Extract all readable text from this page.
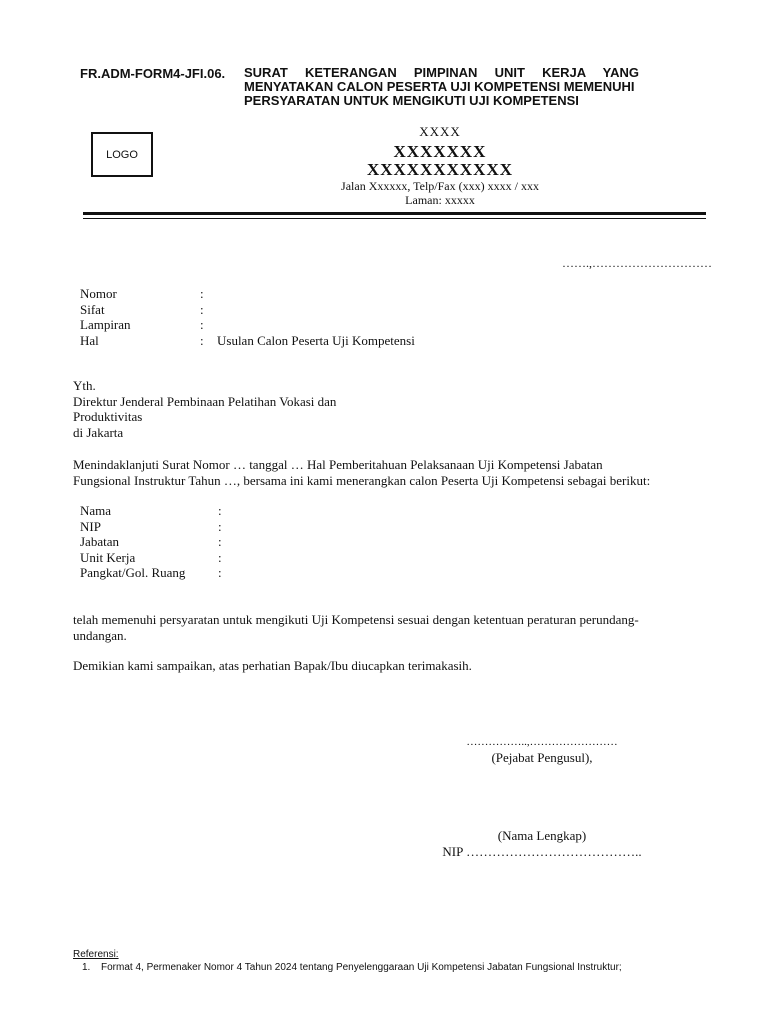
FR.ADM-FORM4-JFI.06. SURAT KETERANGAN PIMPINAN UNIT KERJA YANG
MENYATAKAN CALON PESERTA UJI KOMPETENSI MEMENUHI
PERSYARATAN UNTUK MENGIKUTI UJI KOMPETENSI
LOGO
XXXX
XXXXXXX
XXXXXXXXXXX
Jalan Xxxxxx, Telp/Fax (xxx) xxxx / xxx
Laman: xxxxx
…….,…………………………
Nomor	:
Sifat	:
Lampiran	:
Hal	:	Usulan Calon Peserta Uji Kompetensi
Yth.
Direktur Jenderal Pembinaan Pelatihan Vokasi dan
Produktivitas
di Jakarta
Menindaklanjuti Surat Nomor … tanggal … Hal Pemberitahuan Pelaksanaan Uji Kompetensi Jabatan
Fungsional Instruktur Tahun …, bersama ini kami menerangkan calon Peserta Uji Kompetensi sebagai berikut:
Nama	:
NIP	:
Jabatan	:
Unit Kerja	:
Pangkat/Gol. Ruang	:
telah memenuhi persyaratan untuk mengikuti Uji Kompetensi sesuai dengan ketentuan peraturan perundang-
undangan.
Demikian kami sampaikan, atas perhatian Bapak/Ibu diucapkan terimakasih.
……………..,……………………
(Pejabat Pengusul),
(Nama Lengkap)
NIP …………………………………..
Referensi:
1. Format 4, Permenaker Nomor 4 Tahun 2024 tentang Penyelenggaraan Uji Kompetensi Jabatan Fungsional Instruktur;
